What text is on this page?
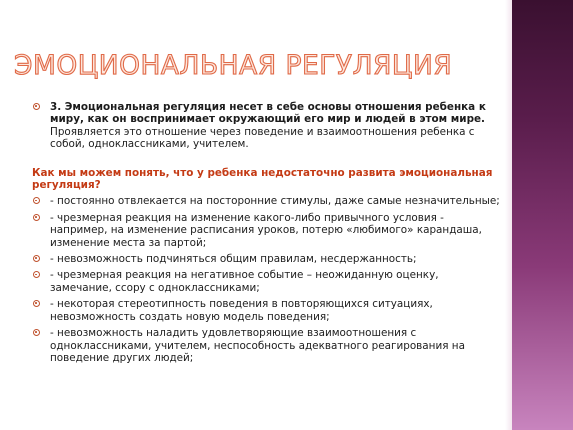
ЭМОЦИОНАЛЬНАЯ РЕГУЛЯЦИЯ
3. Эмоциональная регуляция несет в себе основы отношения ребенка к миру, как он воспринимает окружающий его мир и людей в этом мире. Проявляется это отношение через поведение и взаимоотношения ребенка с собой, одноклассниками, учителем.
Как мы можем понять, что у ребенка недостаточно развита эмоциональная регуляция?
- постоянно отвлекается на посторонние стимулы, даже самые незначительные;
- чрезмерная реакция на изменение какого-либо привычного условия - например, на изменение расписания уроков, потерю «любимого» карандаша, изменение места за партой;
- невозможность подчиняться общим правилам, несдержанность;
- чрезмерная реакция на негативное событие – неожиданную оценку, замечание, ссору с одноклассниками;
- некоторая стереотипность поведения в повторяющихся ситуациях, невозможность создать новую модель поведения;
- невозможность наладить удовлетворяющие взаимоотношения с одноклассниками, учителем, неспособность адекватного реагирования на поведение других людей;
